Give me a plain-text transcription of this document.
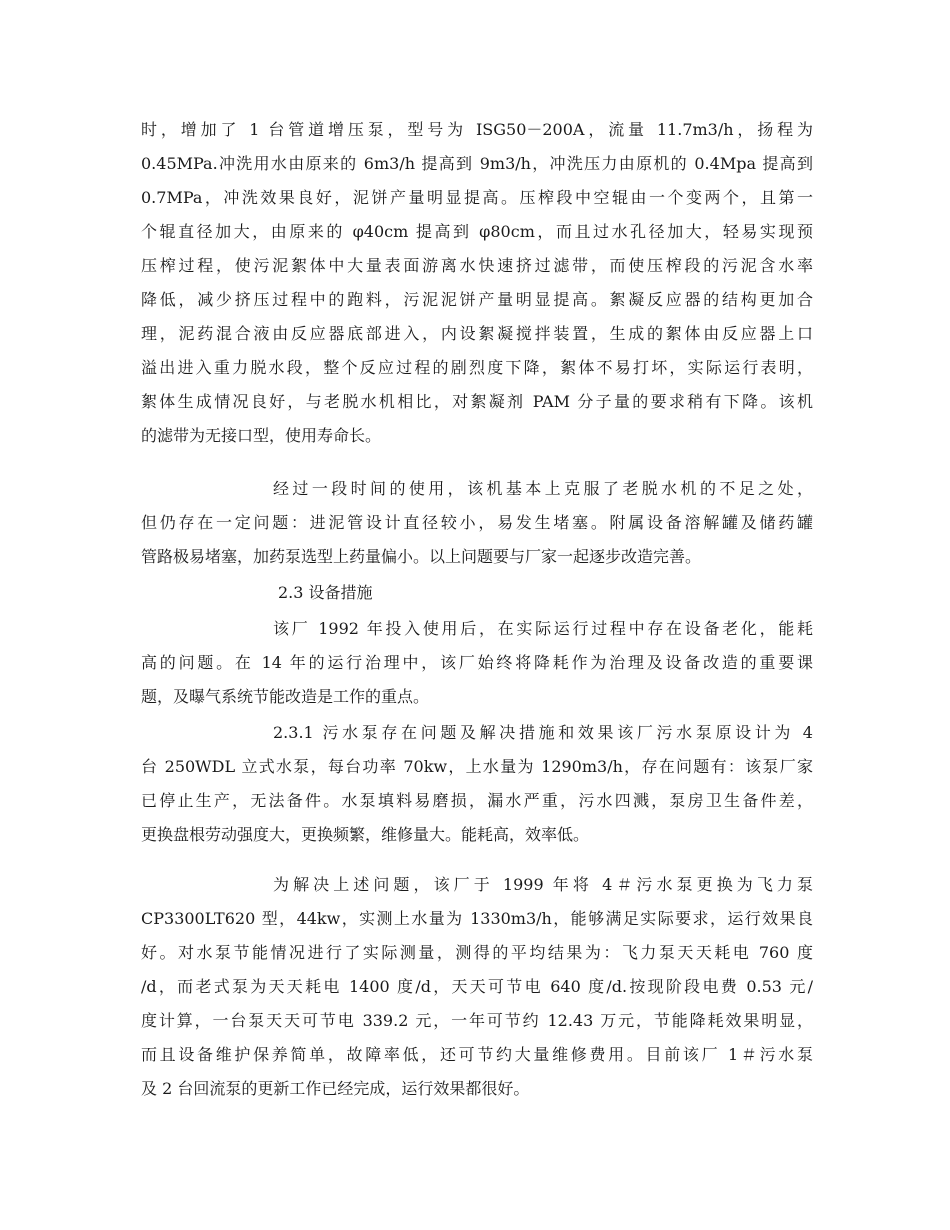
时，增加了 1 台管道增压泵，型号为 ISG50－200A，流量 11.7m3/h，扬程为
0.45MPa.冲洗用水由原来的 6m3/h 提高到 9m3/h，冲洗压力由原机的 0.4Mpa 提高到
0.7MPa，冲洗效果良好，泥饼产量明显提高。压榨段中空辊由一个变两个，且第一
个辊直径加大，由原来的 φ40cm 提高到 φ80cm，而且过水孔径加大，轻易实现预
压榨过程，使污泥絮体中大量表面游离水快速挤过滤带，而使压榨段的污泥含水率
降低，减少挤压过程中的跑料，污泥泥饼产量明显提高。絮凝反应器的结构更加合
理，泥药混合液由反应器底部进入，内设絮凝搅拌装置，生成的絮体由反应器上口
溢出进入重力脱水段，整个反应过程的剧烈度下降，絮体不易打坏，实际运行表明，
絮体生成情况良好，与老脱水机相比，对絮凝剂 PAM 分子量的要求稍有下降。该机
的滤带为无接口型，使用寿命长。
经过一段时间的使用，该机基本上克服了老脱水机的不足之处，
但仍存在一定问题：进泥管设计直径较小，易发生堵塞。附属设备溶解罐及储药罐
管路极易堵塞，加药泵选型上药量偏小。以上问题要与厂家一起逐步改造完善。
2.3 设备措施
该厂 1992 年投入使用后，在实际运行过程中存在设备老化，能耗
高的问题。在 14 年的运行治理中，该厂始终将降耗作为治理及设备改造的重要课
题，及曝气系统节能改造是工作的重点。
2.3.1 污水泵存在问题及解决措施和效果该厂污水泵原设计为 4
台 250WDL 立式水泵，每台功率 70kw，上水量为 1290m3/h，存在问题有：该泵厂家
已停止生产，无法备件。水泵填料易磨损，漏水严重，污水四溅，泵房卫生备件差，
更换盘根劳动强度大，更换频繁，维修量大。能耗高，效率低。
为解决上述问题，该厂于 1999 年将 4＃污水泵更换为飞力泵
CP3300LT620 型，44kw，实测上水量为 1330m3/h，能够满足实际要求，运行效果良
好。对水泵节能情况进行了实际测量，测得的平均结果为：飞力泵天天耗电 760 度
/d，而老式泵为天天耗电 1400 度/d，天天可节电 640 度/d.按现阶段电费 0.53 元/
度计算，一台泵天天可节电 339.2 元，一年可节约 12.43 万元，节能降耗效果明显，
而且设备维护保养简单，故障率低，还可节约大量维修费用。目前该厂 1＃污水泵
及 2 台回流泵的更新工作已经完成，运行效果都很好。
